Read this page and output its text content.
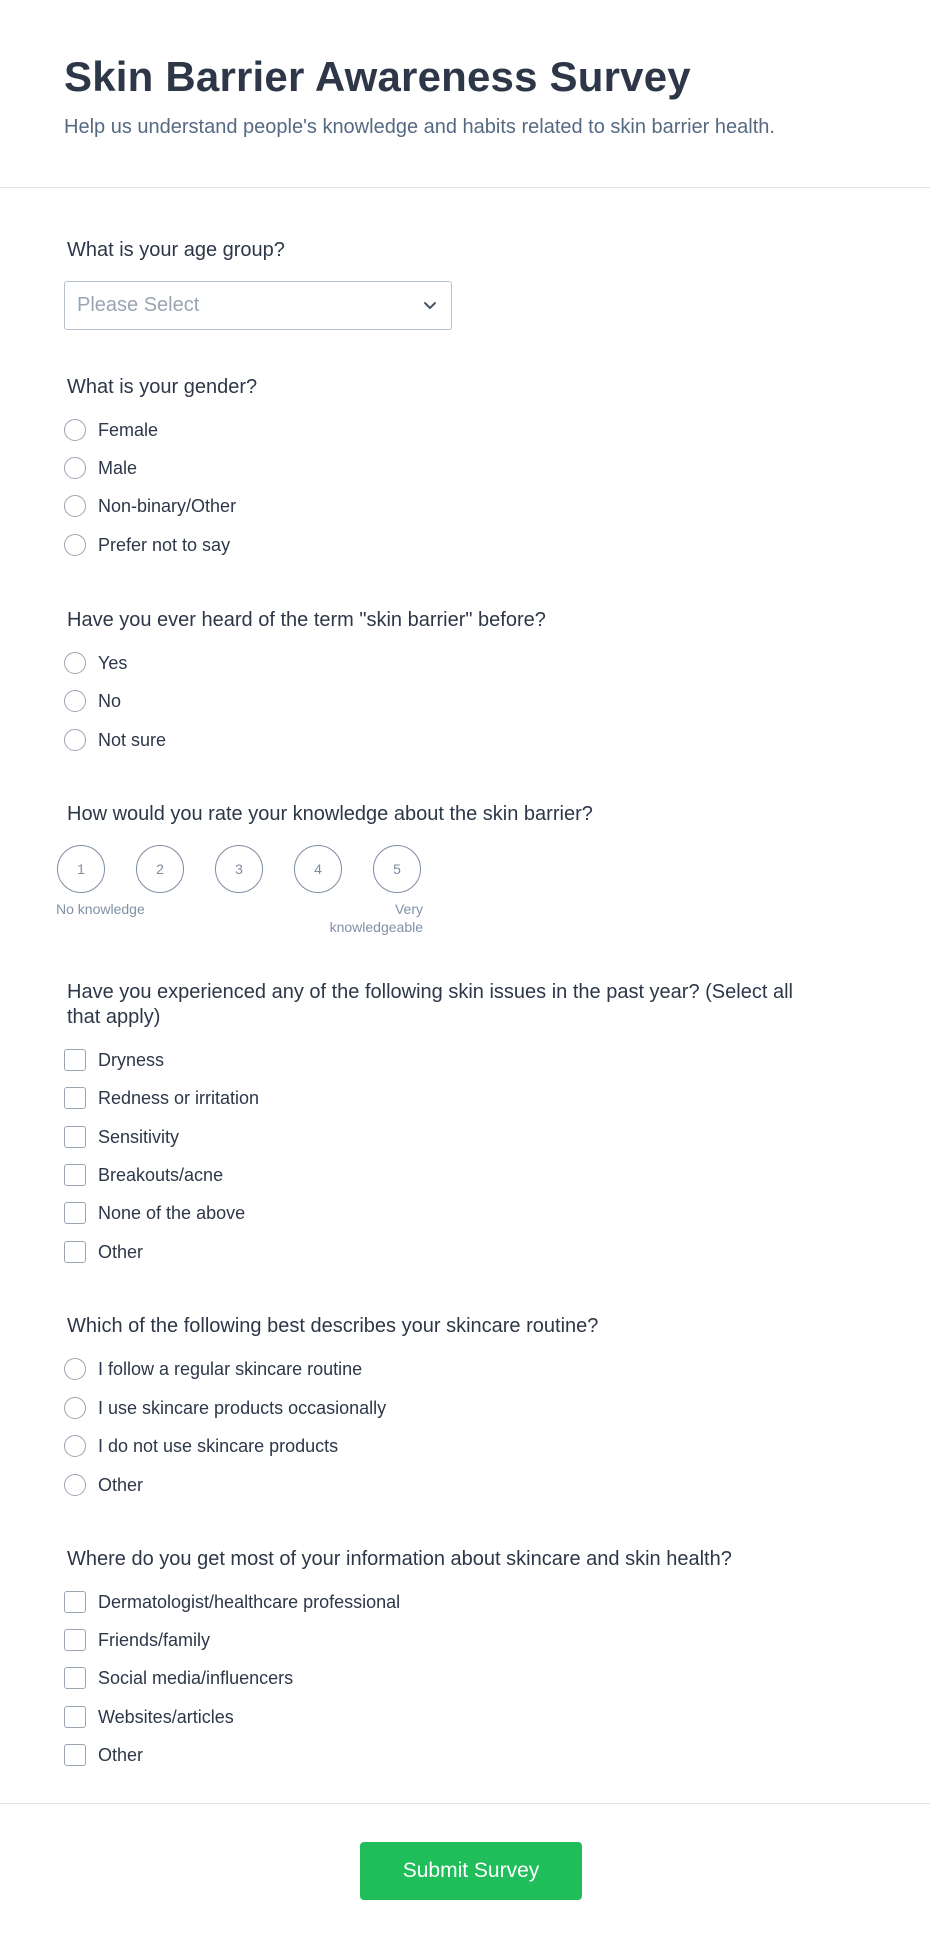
Skin Barrier Awareness Survey
Help us understand people's knowledge and habits related to skin barrier health.
What is your age group?
Please Select
What is your gender?
Female
Male
Non-binary/Other
Prefer not to say
Have you ever heard of the term "skin barrier" before?
Yes
No
Not sure
How would you rate your knowledge about the skin barrier?
1	2	3	4	5
No knowledge	Very
knowledgeable
Have you experienced any of the following skin issues in the past year? (Select all
that apply)
Dryness
Redness or irritation
Sensitivity
Breakouts/acne
None of the above
Other
Which of the following best describes your skincare routine?
I follow a regular skincare routine
I use skincare products occasionally
I do not use skincare products
Other
Where do you get most of your information about skincare and skin health?
Dermatologist/healthcare professional
Friends/family
Social media/influencers
Websites/articles
Other
Submit Survey
